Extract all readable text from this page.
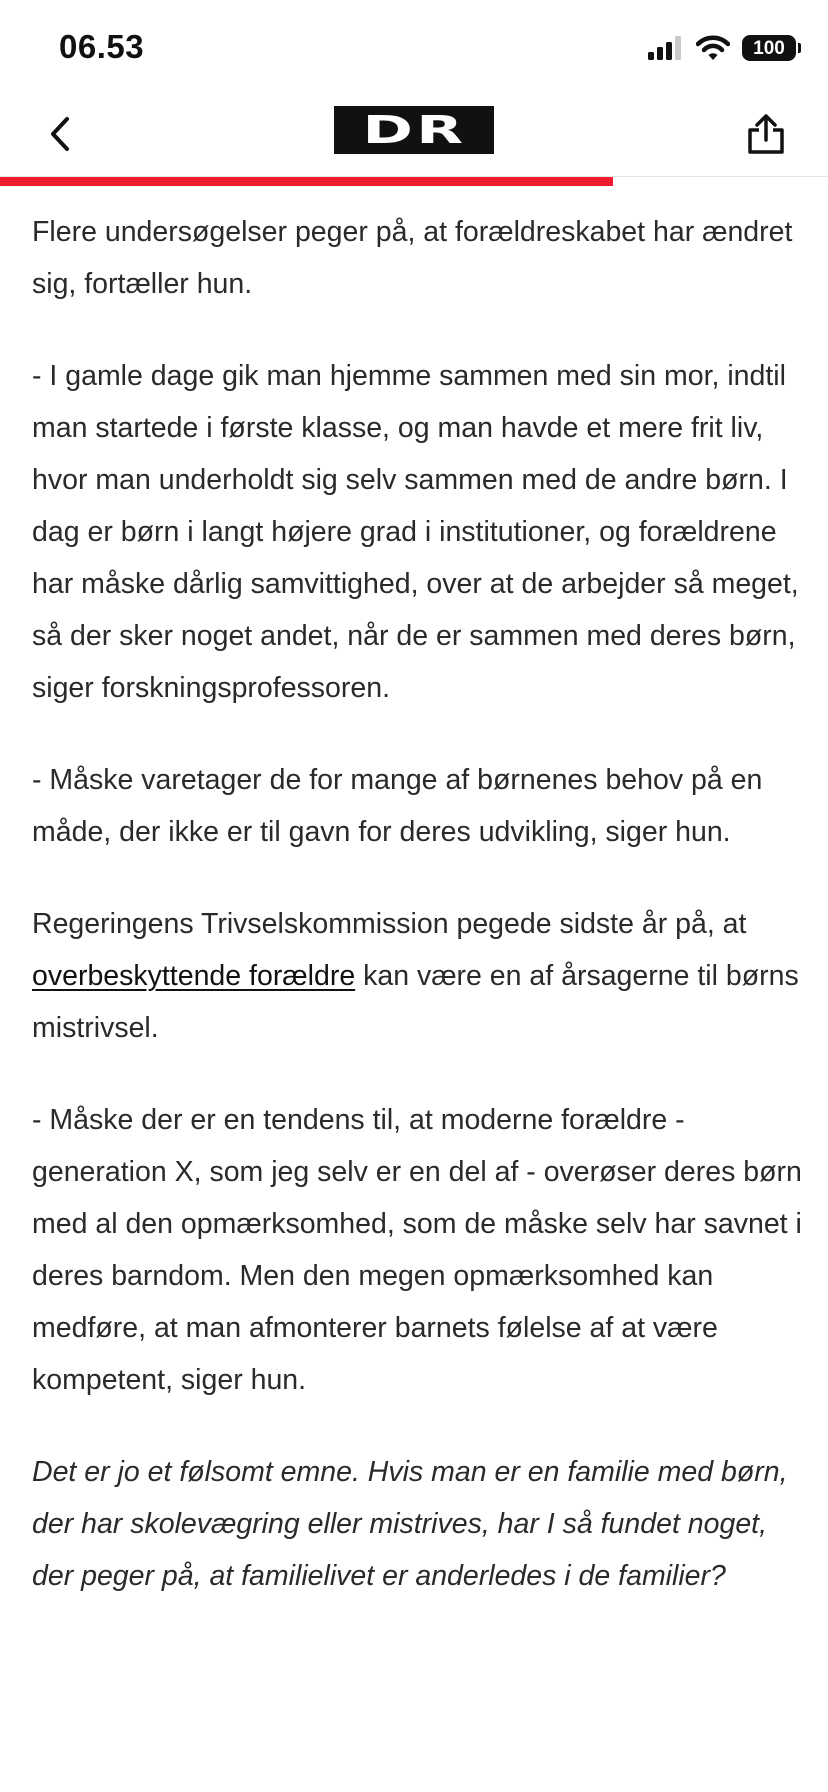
06.53	100
DR

Flere undersøgelser peger på, at forældreskabet har ændret sig, fortæller hun.

- I gamle dage gik man hjemme sammen med sin mor, indtil man startede i første klasse, og man havde et mere frit liv, hvor man underholdt sig selv sammen med de andre børn. I dag er børn i langt højere grad i institutioner, og forældrene har måske dårlig samvittighed, over at de arbejder så meget, så der sker noget andet, når de er sammen med deres børn, siger forskningsprofessoren.

- Måske varetager de for mange af børnenes behov på en måde, der ikke er til gavn for deres udvikling, siger hun.

Regeringens Trivselskommission pegede sidste år på, at overbeskyttende forældre kan være en af årsagerne til børns mistrivsel.

- Måske der er en tendens til, at moderne forældre - generation X, som jeg selv er en del af - overøser deres børn med al den opmærksomhed, som de måske selv har savnet i deres barndom. Men den megen opmærksomhed kan medføre, at man afmonterer barnets følelse af at være kompetent, siger hun.

Det er jo et følsomt emne. Hvis man er en familie med børn, der har skolevægring eller mistrives, har I så fundet noget, der peger på, at familielivet er anderledes i de familier?
